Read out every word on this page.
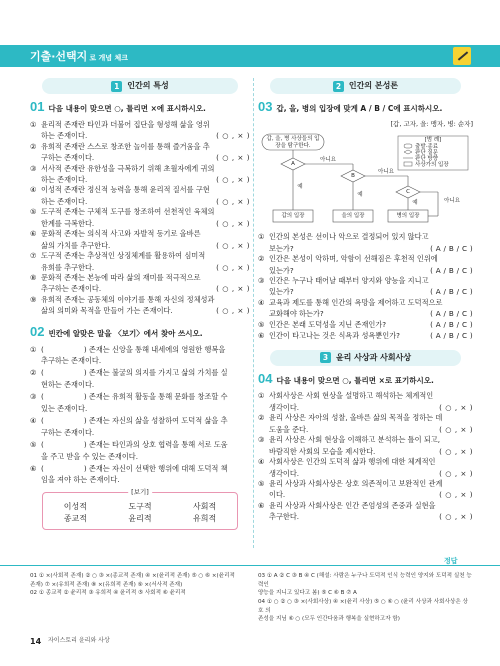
기출·선택지 로 개념 체크
1 인간의 특성
01 다음 내용이 맞으면 ○, 틀리면 ×에 표시하시오.
① 윤리적 존재란 타인과 더불어 집단을 형성해 삶을 영위
하는 존재이다.	( ○ , × )
② 유희적 존재란 스스로 창조한 놀이를 통해 즐거움을 추
구하는 존재이다.	( ○ , × )
③ 서사적 존재란 유한성을 극복하기 위해 초월자에게 귀의
하는 존재이다.	( ○ , × )
④ 이성적 존재란 정신적 능력을 통해 윤리적 질서를 구현
하는 존재이다.	( ○ , × )
⑤ 도구적 존재는 구체적 도구를 창조하여 선천적인 육체의
한계를 극복한다.	( ○ , × )
⑥ 문화적 존재는 의식적 사고와 자발적 동기로 올바른
삶의 가치를 추구한다.	( ○ , × )
⑦ 도구적 존재는 추상적인 상징체계를 활용하여 심미적
유희를 추구한다.	( ○ , × )
⑧ 문화적 존재는 본능에 따라 삶의 재미를 적극적으로
추구하는 존재이다.	( ○ , × )
⑨ 유희적 존재는 공동체의 이야기를 통해 자신의 정체성과
삶의 의미와 목적을 만들어 가는 존재이다.	( ○ , × )
02 빈칸에 알맞은 말을 〈보기〉에서 찾아 쓰시오.
① (	) 존재는 신앙을 통해 내세에의 영원한 행복을
추구하는 존재이다.
② (	) 존재는 불굴의 의지를 가지고 삶의 가치를 실
현하는 존재이다.
③ (	) 존재는 유희적 활동을 통해 문화를 창조할 수
있는 존재이다.
④ (	) 존재는 자신의 삶을 성찰하여 도덕적 삶을 추
구하는 존재이다.
⑤ (	) 존재는 타인과의 상호 협력을 통해 서로 도움
을 주고 받을 수 있는 존재이다.
⑥ (	) 존재는 자신이 선택한 행위에 대해 도덕적 책
임을 져야 하는 존재이다.
[보기]
이성적	도구적	사회적
종교적	윤리적	유희적
2 인간의 본성론
03 갑, 을, 병의 입장에 맞게 A / B / C에 표시하시오.
[갑, 고자, 을: 맹자, 병: 순자]
갑, 을, 병 사상들의 입장을 탐구한다.
A
B
C
아니요
아니요
예
예
예	아니요
갑의 입장	을의 입장	병의 입장
[범 례]
출발·종료
판단 질문
판단 방향
사상가의 입장
① 인간의 본성은 선이나 악으로 결정되어 있지 않다고
보는가?	( A / B / C )
② 인간은 본성이 악하며, 악함이 선해짐은 후천적 인위에
있는가?	( A / B / C )
③ 인간은 누구나 태어날 때부터 양지와 양능을 지니고
있는가?	( A / B / C )
④ 교육과 제도를 통해 인간의 욕망을 제어하고 도덕적으로
교화해야 하는가?	( A / B / C )
⑤ 인간은 본래 도덕성을 지닌 존재인가?	( A / B / C )
⑥ 인간이 타고나는 것은 식욕과 성욕뿐인가?	( A / B / C )
3 윤리 사상과 사회사상
04 다음 내용이 맞으면 ○, 틀리면 ×로 표기하시오.
① 사회사상은 사회 현상을 설명하고 해석하는 체계적인
생각이다.	( ○ , × )
② 윤리 사상은 자아의 성찰, 올바른 삶의 목적을 정하는 데
도움을 준다.	( ○ , × )
③ 윤리 사상은 사회 현상을 이해하고 분석하는 틀이 되고,
바람직한 사회의 모습을 제시한다.	( ○ , × )
④ 사회사상은 인간의 도덕적 삶과 행위에 대한 체계적인
생각이다.	( ○ , × )
⑤ 윤리 사상과 사회사상은 상호 의존적이고 보완적인 관계
이다.	( ○ , × )
⑥ 윤리 사상과 사회사상은 인간 존엄성의 존중과 실현을
추구한다.	( ○ , × )
정답
01 ① ×(사회적 존재) ② ○ ③ ×(종교적 존재) ④ ×(윤리적 존재) ⑤ ○ ⑥ ×(윤리적
존재) ⑦ ×(유희적 존재) ⑧ ×(유희적 존재) ⑨ ×(서사적 존재)
02 ① 종교적 ② 윤리적 ③ 유희적 ④ 윤리적 ⑤ 사회적 ⑥ 윤리적
03 ① A ② C ③ B ④ C (해설: 사람은 누구나 도덕적 인식 능력인 양지와 도덕적 실천 능력인
양능을 지니고 있다고 봄) ⑤ C ⑥ B ⑦ A
04 ① ○ ② ○ ③ ×(사회사상) ④ ×(윤리 사상) ⑤ ○ ⑥ ○ (윤리 사상과 사회사상은 상호 의
존성을 지님 ⑥ ○ (모두 인간다움과 행복을 실현하고자 함)
14 자이스토리 윤리와 사상
